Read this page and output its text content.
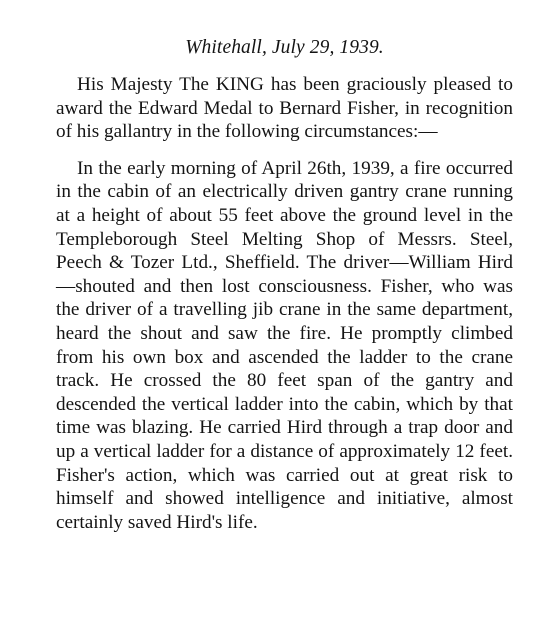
Whitehall, July 29, 1939.

His Majesty The KING has been graciously pleased to award the Edward Medal to Bernard Fisher, in recognition of his gallantry in the following circumstances:—

In the early morning of April 26th, 1939, a fire occurred in the cabin of an electrically driven gantry crane running at a height of about 55 feet above the ground level in the Templeborough Steel Melting Shop of Messrs. Steel, Peech & Tozer Ltd., Sheffield. The driver—William Hird—shouted and then lost consciousness. Fisher, who was the driver of a travelling jib crane in the same department, heard the shout and saw the fire. He promptly climbed from his own box and ascended the ladder to the crane track. He crossed the 80 feet span of the gantry and descended the vertical ladder into the cabin, which by that time was blazing. He carried Hird through a trap door and up a vertical ladder for a distance of approximately 12 feet. Fisher's action, which was carried out at great risk to himself and showed intelligence and initiative, almost certainly saved Hird's life.
